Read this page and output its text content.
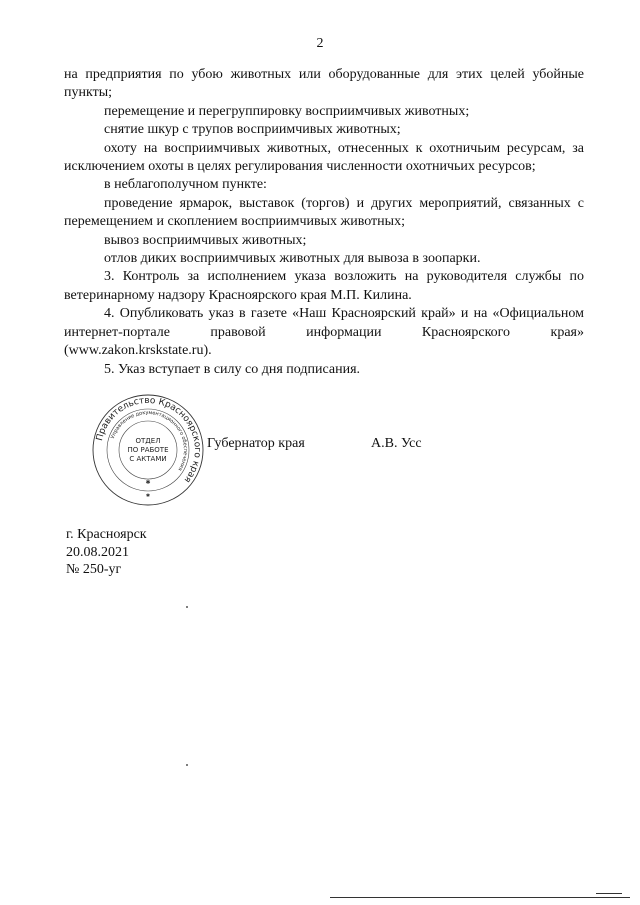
2

на предприятия по убою животных или оборудованные для этих целей убойные пункты;

перемещение и перегруппировку восприимчивых животных;

снятие шкур с трупов восприимчивых животных;

охоту на восприимчивых животных, отнесенных к охотничьим ресурсам, за исключением охоты в целях регулирования численности охотничьих ресурсов;

в неблагополучном пункте:

проведение ярмарок, выставок (торгов) и других мероприятий, связанных с перемещением и скоплением восприимчивых животных;

вывоз восприимчивых животных;

отлов диких восприимчивых животных для вывоза в зоопарки.

3. Контроль за исполнением указа возложить на руководителя службы по ветеринарному надзору Красноярского края М.П. Килина.

4. Опубликовать указ в газете «Наш Красноярский край» и на «Официальном интернет-портале правовой информации Красноярского края» (www.zakon.krskstate.ru).

5. Указ вступает в силу со дня подписания.

Губернатор края	А.В. Усс
Правительство Красноярского края
Управление документационного обеспечения
ОТДЕЛ
ПО РАБОТЕ
С АКТАМИ
✱
✱
г. Красноярск
20.08.2021
№ 250-уг
